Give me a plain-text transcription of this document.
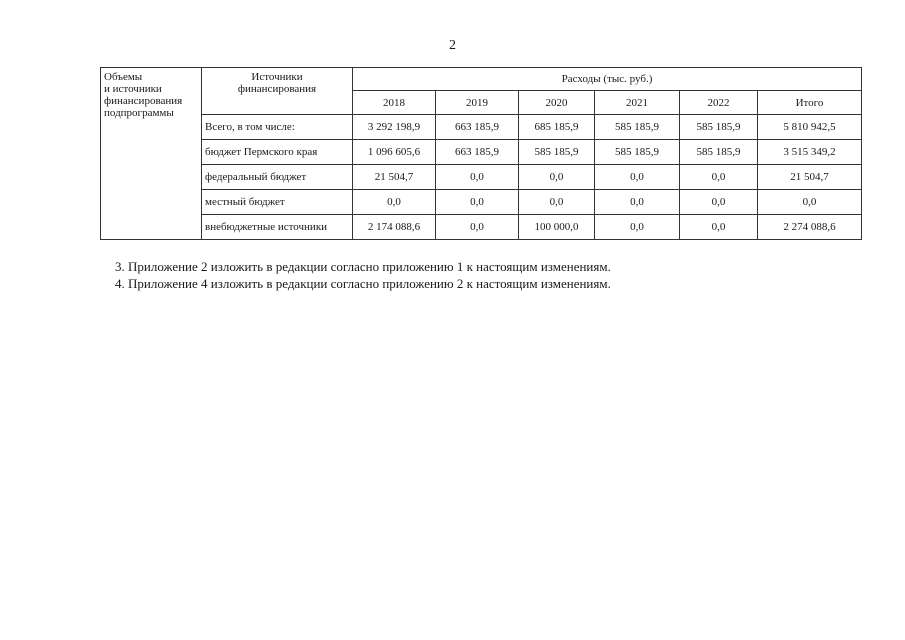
2
Объемы
и источники
финансирования
подпрограммы	Источники
финансирования	Расходы (тыс. руб.)					
		2018	2019	2020	2021	2022	Итого
	Всего, в том числе:	3 292 198,9	663 185,9	685 185,9	585 185,9	585 185,9	5 810 942,5
	бюджет Пермского края	1 096 605,6	663 185,9	585 185,9	585 185,9	585 185,9	3 515 349,2
	федеральный бюджет	21 504,7	0,0	0,0	0,0	0,0	21 504,7
	местный бюджет	0,0	0,0	0,0	0,0	0,0	0,0
	внебюджетные источники	2 174 088,6	0,0	100 000,0	0,0	0,0	2 274 088,6

3. Приложение 2 изложить в редакции согласно приложению 1 к настоящим изменениям.

4. Приложение 4 изложить в редакции согласно приложению 2 к настоящим изменениям.
